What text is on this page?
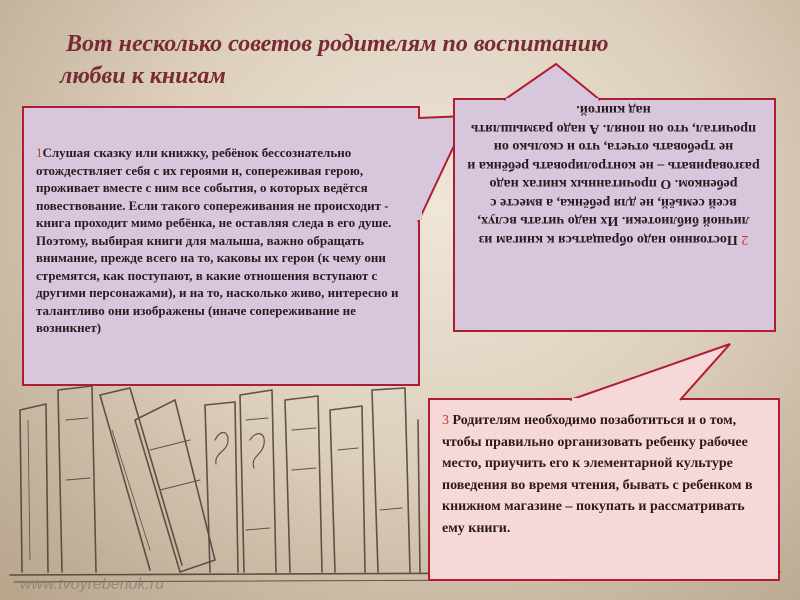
Вот несколько советов родителям по воспитанию
любви к книгам
1Слушая сказку или книжку, ребёнок бессознательно отождествляет себя с их героями и, сопереживая герою, проживает вместе с ним все события, о которых ведётся повествование. Если такого сопереживания не происходит - книга проходит мимо ребёнка, не оставляя следа в его душе. Поэтому, выбирая книги для малыша, важно обращать внимание, прежде всего на то, каковы их герои (к чему они стремятся, как поступают, в какие отношения вступают с другими персонажами), и на то, насколько живо, интересно и талантливо они изображены (иначе сопереживание не возникнет)
2 Постоянно надо обращаться к книгам из личной библиотеки. Их надо читать вслух, всей семьёй, не для ребёнка, а вместе с ребенком. О прочитанных книгах надо разговаривать – не контролировать ребёнка и не требовать отчета, что и сколько он прочитал, что он понял. А надо размышлять над книгой.
3 Родителям необходимо позаботиться и о том, чтобы правильно организовать ребенку рабочее место, приучить его к элементарной культуре поведения во время чтения, бывать с ребенком в книжном магазине – покупать и рассматривать ему книги.
www.tvoyrebenok.ru
